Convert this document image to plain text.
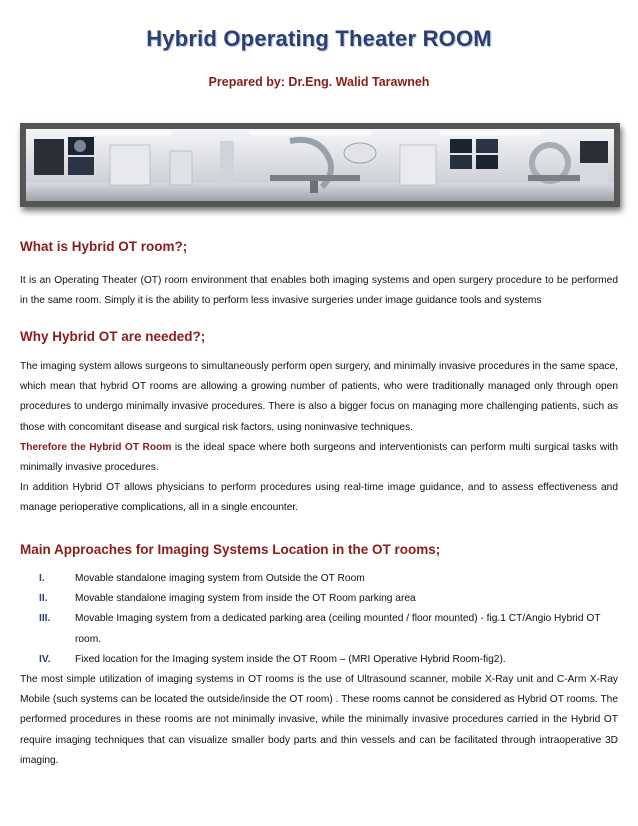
Hybrid Operating Theater ROOM
Prepared by: Dr.Eng. Walid Tarawneh
What is Hybrid OT room?;

It is an Operating Theater (OT) room environment that enables both imaging systems and open surgery procedure to be performed in the same room. Simply it is the ability to perform less invasive surgeries under image guidance tools and systems

Why Hybrid OT are needed?;
The imaging system allows surgeons to simultaneously perform open surgery, and minimally invasive procedures in the same space, which mean that hybrid OT rooms are allowing a growing number of patients, who were traditionally managed only through open procedures to undergo minimally invasive procedures. There is also a bigger focus on managing more challenging patients, such as those with concomitant disease and surgical risk factors, using noninvasive techniques.
Therefore the Hybrid OT Room is the ideal space where both surgeons and interventionists can perform multi surgical tasks with minimally invasive procedures.
In addition Hybrid OT allows physicians to perform procedures using real-time image guidance, and to assess effectiveness and manage perioperative complications, all in a single encounter.
Main Approaches for Imaging Systems Location in the OT rooms;
I.	Movable standalone imaging system from Outside the OT Room
II.	Movable standalone imaging system from inside the OT Room parking area
III.	Movable Imaging system from a dedicated parking area (ceiling mounted / floor mounted) - fig.1 CT/Angio Hybrid OT room.
IV.	Fixed location for the Imaging system inside the OT Room – (MRI Operative Hybrid Room-fig2).

The most simple utilization of imaging systems in OT rooms is the use of Ultrasound scanner, mobile X-Ray unit and C-Arm X-Ray Mobile (such systems can be located the outside/inside the OT room) . These rooms cannot be considered as Hybrid OT rooms. The performed procedures in these rooms are not minimally invasive, while the minimally invasive procedures carried in the Hybrid OT require imaging techniques that can visualize smaller body parts and thin vessels and can be facilitated through intraoperative 3D imaging.
